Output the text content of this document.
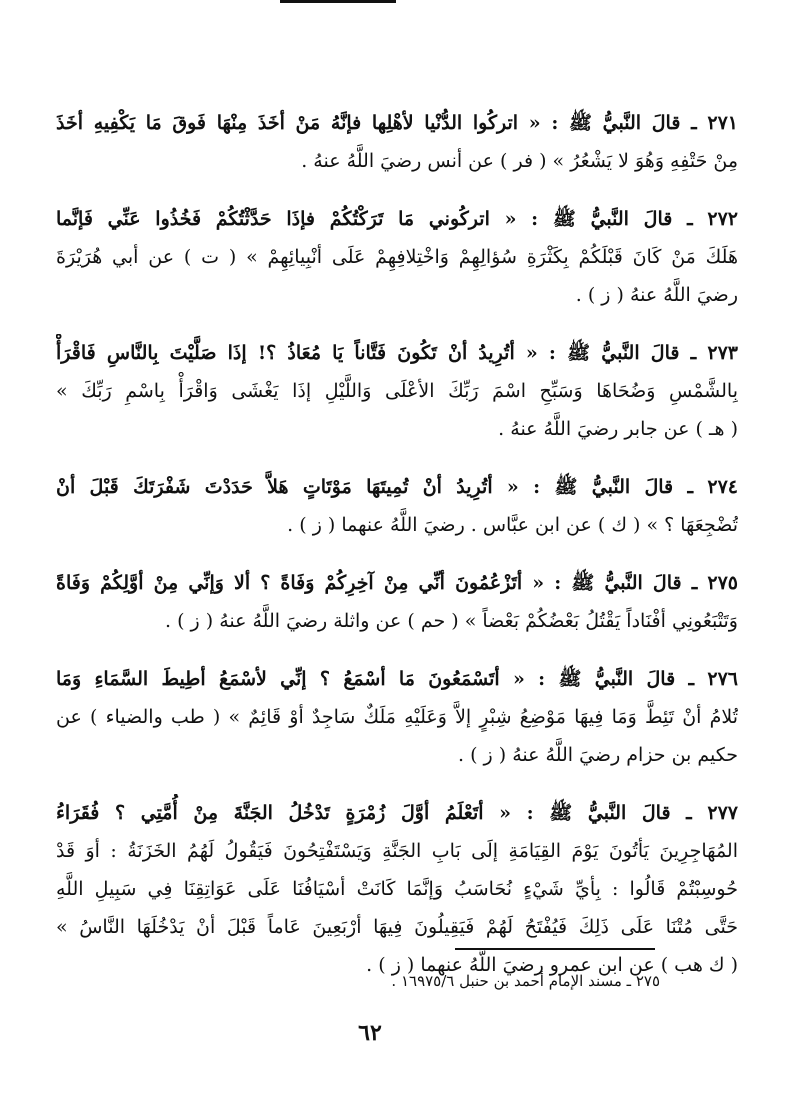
٢٧١ ـ قالَ النَّبيُّ ﷺ : « اتركُوا الدُّنْيا لأهْلِها فإنَّهُ مَنْ أخَذَ مِنْهَا فَوقَ مَا يَكْفِيهِ أخَذَ
مِنْ حَتْفِهِ وَهُوَ لا يَشْعُرُ » ( فر ) عن أنس رضيَ اللَّهُ عنهُ .
٢٧٢ ـ قالَ النَّبيُّ ﷺ : « اتركُوني مَا تَرَكْتُكُمْ فإذَا حَدَّثْتُكُمْ فَخُذُوا عَنِّي فَإنَّما
هَلَكَ مَنْ كَانَ قَبْلَكُمْ بِكَثْرَةِ سُؤالِهِمْ وَاخْتِلافِهِمْ عَلَى أنْبِيائِهِمْ » ( ت ) عن أبي هُرَيْرَةَ
رضيَ اللَّهُ عنهُ ( ز ) .
٢٧٣ ـ قالَ النَّبيُّ ﷺ : « أتُرِيدُ أنْ تَكُونَ فَتَّاناً يَا مُعَاذُ ؟! إذَا صَلَّيْتَ بِالنَّاسِ فَاقْرَأْ
بِالشَّمْسِ وَضُحَاهَا وَسَبِّحِ اسْمَ رَبِّكَ الأعْلَى وَاللَّيْلِ إذَا يَغْشَى وَاقْرَأْ بِاسْمِ رَبِّكَ »
( هـ ) عن جابر رضيَ اللَّهُ عنهُ .
٢٧٤ ـ قالَ النَّبيُّ ﷺ : « أتُرِيدُ أنْ تُمِيتَهَا مَوْتَاتٍ هَلاَّ حَدَدْتَ شَفْرَتَكَ قَبْلَ أنْ
تُضْجِعَهَا ؟ » ( ك ) عن ابن عبَّاس . رضيَ اللَّهُ عنهما ( ز ) .
٢٧٥ ـ قالَ النَّبيُّ ﷺ : « أتَزْعُمُونَ أنِّي مِنْ آخِرِكُمْ وَفَاةً ؟ ألا وَإنِّي مِنْ أوَّلِكُمْ وَفَاةً
وَتَتْبَعُونِي أفْنَاداً يَقْتُلُ بَعْضُكُمْ بَعْضاً » ( حم ) عن واثلة رضيَ اللَّهُ عنهُ ( ز ) .
٢٧٦ ـ قالَ النَّبيُّ ﷺ : « أتَسْمَعُونَ مَا أسْمَعُ ؟ إنِّي لأسْمَعُ أطِيطَ السَّمَاءِ وَمَا
تُلامُ أنْ تَئِطَّ وَمَا فِيهَا مَوْضِعُ شِبْرٍ إلاَّ وَعَلَيْهِ مَلَكٌ سَاجِدٌ أوْ قَائِمٌ » ( طب والضياء ) عن
حكيم بن حزام رضيَ اللَّهُ عنهُ ( ز ) .
٢٧٧ ـ قالَ النَّبيُّ ﷺ : « أتَعْلَمُ أوَّلَ زُمْرَةٍ تَدْخُلُ الجَنَّةَ مِنْ أُمَّتِي ؟ فُقَرَاءُ
المُهَاجِرِينَ يَأتُونَ يَوْمَ القِيَامَةِ إلَى بَابِ الجَنَّةِ وَيَسْتَفْتِحُونَ فَيَقُولُ لَهُمُ الخَزَنَةُ : أوَ قَدْ
حُوسِبْتُمْ قَالُوا : بِأيِّ شَيْءٍ نُحَاسَبُ وَإنَّمَا كَانَتْ أسْيَافُنَا عَلَى عَوَاتِقِنَا فِي سَبِيلِ اللَّهِ
حَتَّى مُتْنَا عَلَى ذَلِكَ فَيُفْتَحُ لَهُمْ فَيَقِيلُونَ فِيهَا أرْبَعِينَ عَاماً قَبْلَ أنْ يَدْخُلَهَا النَّاسُ »
( ك هب ) عن ابن عمرو رضيَ اللَّهُ عنهما ( ز ) .
٢٧٥ ـ مسند الإمام أحمد بن حنبل ١٦٩٧٥/٦ .
٦٢
